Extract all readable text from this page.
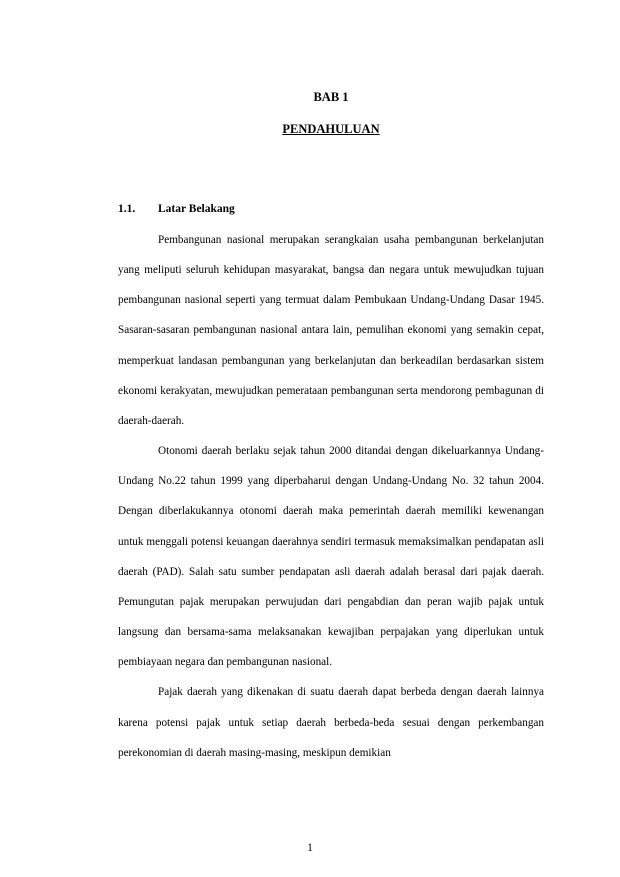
BAB 1
PENDAHULUAN
1.1. Latar Belakang

Pembangunan nasional merupakan serangkaian usaha pembangunan berkelanjutan yang meliputi seluruh kehidupan masyarakat, bangsa dan negara untuk mewujudkan tujuan pembangunan nasional seperti yang termuat dalam Pembukaan Undang-Undang Dasar 1945. Sasaran-sasaran pembangunan nasional antara lain, pemulihan ekonomi yang semakin cepat, memperkuat landasan pembangunan yang berkelanjutan dan berkeadilan berdasarkan sistem ekonomi kerakyatan, mewujudkan pemerataan pembangunan serta mendorong pembagunan di daerah-daerah.

Otonomi daerah berlaku sejak tahun 2000 ditandai dengan dikeluarkannya Undang-Undang No.22 tahun 1999 yang diperbaharui dengan Undang-Undang No. 32 tahun 2004. Dengan diberlakukannya otonomi daerah maka pemerintah daerah memiliki kewenangan untuk menggali potensi keuangan daerahnya sendiri termasuk memaksimalkan pendapatan asli daerah (PAD). Salah satu sumber pendapatan asli daerah adalah berasal dari pajak daerah. Pemungutan pajak merupakan perwujudan dari pengabdian dan peran wajib pajak untuk langsung dan bersama-sama melaksanakan kewajiban perpajakan yang diperlukan untuk pembiayaan negara dan pembangunan nasional.

Pajak daerah yang dikenakan di suatu daerah dapat berbeda dengan daerah lainnya karena potensi pajak untuk setiap daerah berbeda-beda sesuai dengan perkembangan perekonomian di daerah masing-masing, meskipun demikian

1
